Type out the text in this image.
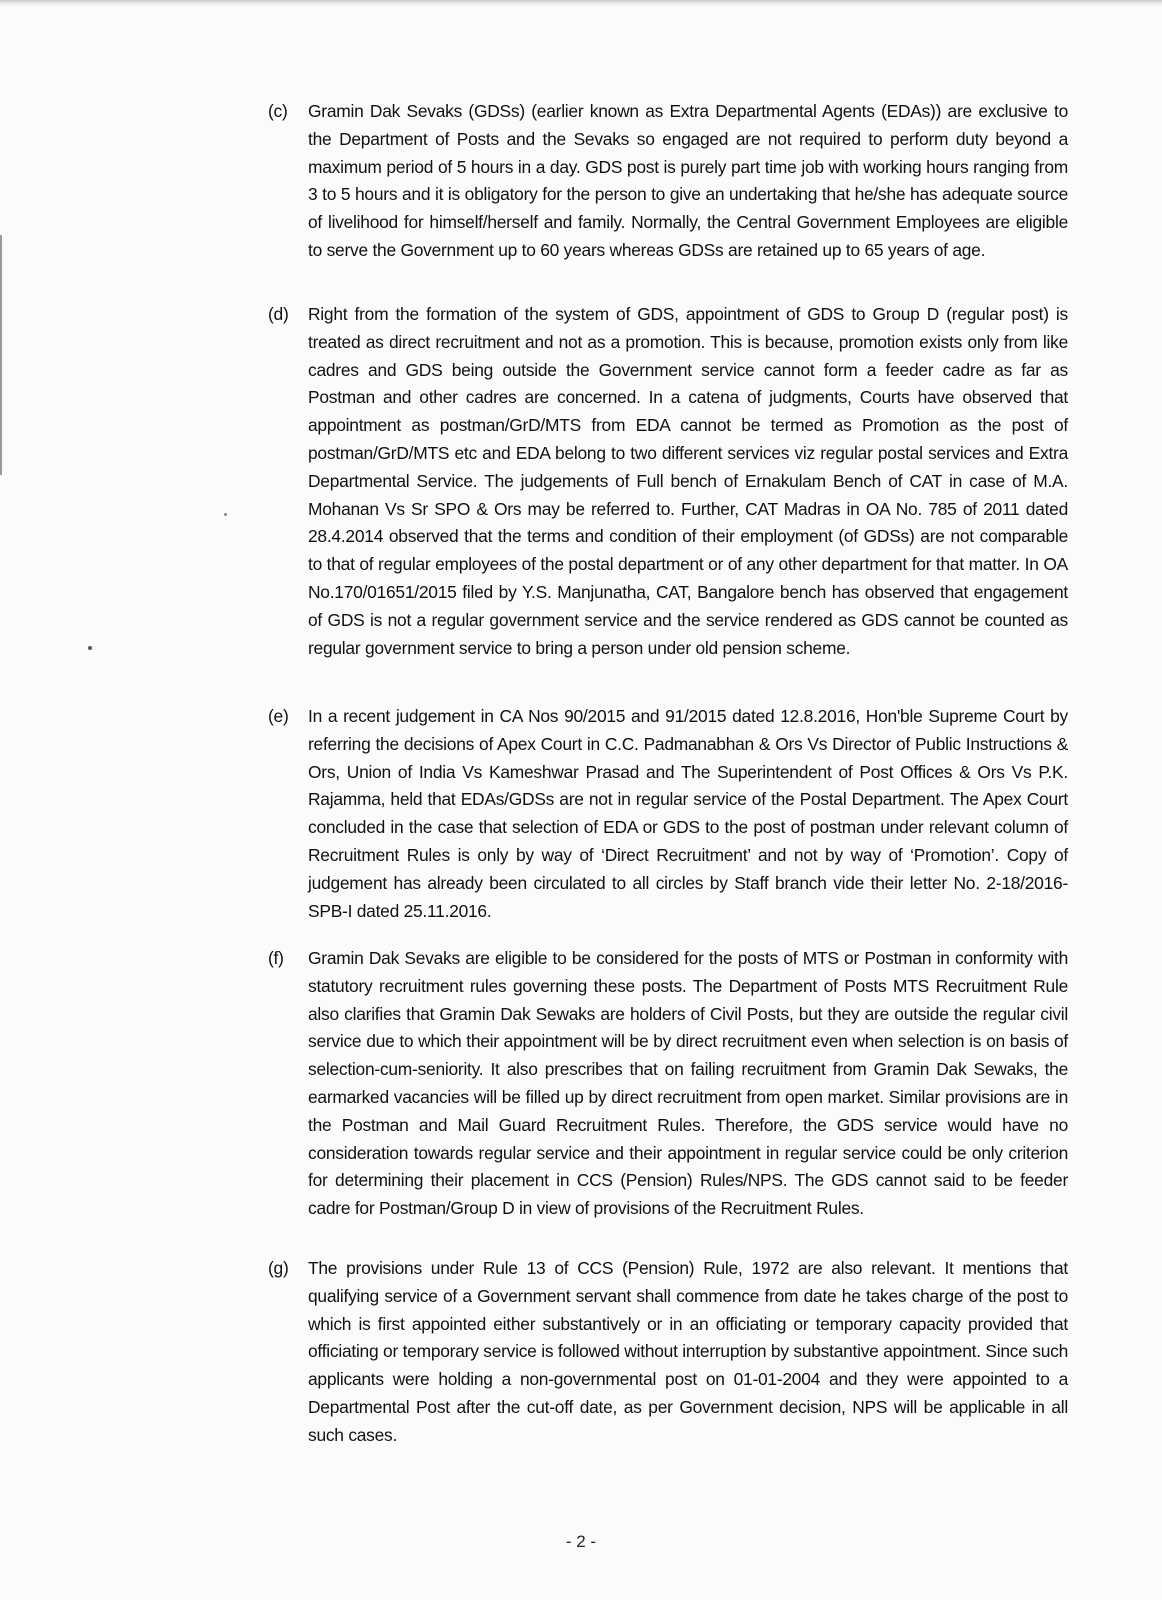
(c)	Gramin Dak Sevaks (GDSs) (earlier known as Extra Departmental Agents (EDAs)) are exclusive to the Department of Posts and the Sevaks so engaged are not required to perform duty beyond a maximum period of 5 hours in a day. GDS post is purely part time job with working hours ranging from 3 to 5 hours and it is obligatory for the person to give an undertaking that he/she has adequate source of livelihood for himself/herself and family. Normally, the Central Government Employees are eligible to serve the Government up to 60 years whereas GDSs are retained up to 65 years of age.
(d)	Right from the formation of the system of GDS, appointment of GDS to Group D (regular post) is treated as direct recruitment and not as a promotion. This is because, promotion exists only from like cadres and GDS being outside the Government service cannot form a feeder cadre as far as Postman and other cadres are concerned. In a catena of judgments, Courts have observed that appointment as postman/GrD/MTS from EDA cannot be termed as Promotion as the post of postman/GrD/MTS etc and EDA belong to two different services viz regular postal services and Extra Departmental Service. The judgements of Full bench of Ernakulam Bench of CAT in case of M.A. Mohanan Vs Sr SPO & Ors may be referred to. Further, CAT Madras in OA No. 785 of 2011 dated 28.4.2014 observed that the terms and condition of their employment (of GDSs) are not comparable to that of regular employees of the postal department or of any other department for that matter. In OA No.170/01651/2015 filed by Y.S. Manjunatha, CAT, Bangalore bench has observed that engagement of GDS is not a regular government service and the service rendered as GDS cannot be counted as regular government service to bring a person under old pension scheme.
(e)	In a recent judgement in CA Nos 90/2015 and 91/2015 dated 12.8.2016, Hon'ble Supreme Court by referring the decisions of Apex Court in C.C. Padmanabhan & Ors Vs Director of Public Instructions & Ors, Union of India Vs Kameshwar Prasad and The Superintendent of Post Offices & Ors Vs P.K. Rajamma, held that EDAs/GDSs are not in regular service of the Postal Department. The Apex Court concluded in the case that selection of EDA or GDS to the post of postman under relevant column of Recruitment Rules is only by way of ‘Direct Recruitment’ and not by way of ‘Promotion’. Copy of judgement has already been circulated to all circles by Staff branch vide their letter No. 2-18/2016-SPB-I dated 25.11.2016.
(f)	Gramin Dak Sevaks are eligible to be considered for the posts of MTS or Postman in conformity with statutory recruitment rules governing these posts. The Department of Posts MTS Recruitment Rule also clarifies that Gramin Dak Sewaks are holders of Civil Posts, but they are outside the regular civil service due to which their appointment will be by direct recruitment even when selection is on basis of selection-cum-seniority. It also prescribes that on failing recruitment from Gramin Dak Sewaks, the earmarked vacancies will be filled up by direct recruitment from open market. Similar provisions are in the Postman and Mail Guard Recruitment Rules. Therefore, the GDS service would have no consideration towards regular service and their appointment in regular service could be only criterion for determining their placement in CCS (Pension) Rules/NPS. The GDS cannot said to be feeder cadre for Postman/Group D in view of provisions of the Recruitment Rules.
(g)	The provisions under Rule 13 of CCS (Pension) Rule, 1972 are also relevant. It mentions that qualifying service of a Government servant shall commence from date he takes charge of the post to which is first appointed either substantively or in an officiating or temporary capacity provided that officiating or temporary service is followed without interruption by substantive appointment. Since such applicants were holding a non-governmental post on 01-01-2004 and they were appointed to a Departmental Post after the cut-off date, as per Government decision, NPS will be applicable in all such cases.
- 2 -
